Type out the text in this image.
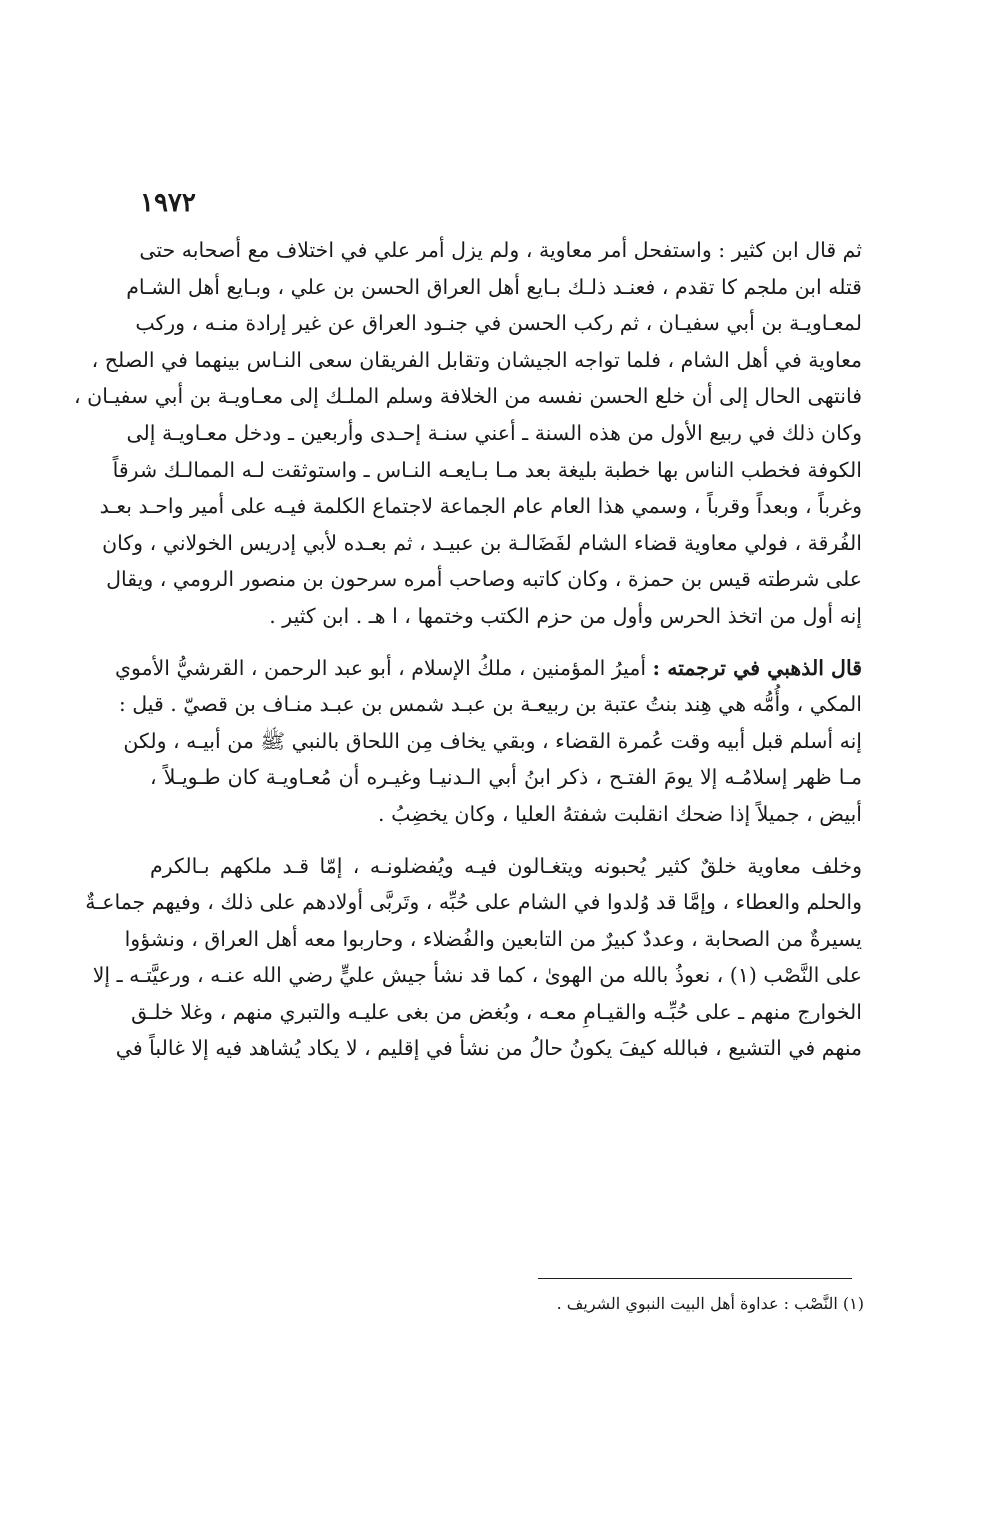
١٩٧٢

ثم قال ابن كثير : واستفحل أمر معاوية ، ولم يزل أمر علي في اختلاف مع أصحابه حتى
قتله ابن ملجم كا تقدم ، فعنـد ذلـك بـايع أهل العراق الحسن بن علي ، وبـايع أهل الشـام
لمعـاويـة بن أبي سفيـان ، ثم ركب الحسن في جنـود العراق عن غير إرادة منـه ، وركب
معاوية في أهل الشام ، فلما تواجه الجيشان وتقابل الفريقان سعى النـاس بينهما في الصلح ،
فانتهى الحال إلى أن خلع الحسن نفسه من الخلافة وسلم الملـك إلى معـاويـة بن أبي سفيـان ،
وكان ذلك في ربيع الأول من هذه السنة ـ أعني سنـة إحـدى وأربعين ـ ودخل معـاويـة إلى
الكوفة فخطب الناس بها خطبة بليغة بعد مـا بـايعـه النـاس ـ واستوثقت لـه الممالـك شرقاً
وغرباً ، وبعداً وقرباً ، وسمي هذا العام عام الجماعة لاجتماع الكلمة فيـه على أمير واحـد بعـد
الفُرقة ، فولي معاوية قضاء الشام لفَضَالـة بن عبيـد ، ثم بعـده لأبي إدريس الخولاني ، وكان
على شرطته قيس بن حمزة ، وكان كاتبه وصاحب أمره سرحون بن منصور الرومي ، ويقال
إنه أول من اتخذ الحرس وأول من حزم الكتب وختمها ، ا هـ . ابن كثير .

قال الذهبي في ترجمته : أميرُ المؤمنين ، ملكُ الإسلام ، أبو عبد الرحمن ، القرشيُّ الأموي
المكي ، وأُمُّه هي هِند بنتُ عتبة بن ربيعـة بن عبـد شمس بن عبـد منـاف بن قصيّ . قيل :
إنه أسلم قبل أبيه وقت عُمرة القضاء ، وبقي يخاف مِن اللحاق بالنبي ﷺ من أبيـه ، ولكن
مـا ظهر إسلامُـه إلا يومَ الفتـح ، ذكر ابنُ أبي الـدنيـا وغيـره أن مُعـاويـة كان طـويـلاً ،
أبيض ، جميلاً إذا ضحك انقلبت شفتهُ العليا ، وكان يخضِبُ .

وخلف معاوية خلقٌ كثير يُحبونه ويتغـالون فيـه ويُفضلونـه ، إمّا قـد ملكهم بـالكرم
والحلم والعطاء ، وإمَّا قد وُلدوا في الشام على حُبِّه ، وتَربَّى أولادهم على ذلك ، وفيهم جماعـةٌ
يسيرةٌ من الصحابة ، وعددٌ كبيرٌ من التابعين والفُضلاء ، وحاربوا معه أهل العراق ، ونشؤوا
على النَّصْب (١) ، نعوذُ بالله من الهوىٰ ، كما قد نشأ جيش عليٍّ رضي الله عنـه ، ورعيَّتـه ـ إلا
الخوارج منهم ـ على حُبِّـه والقيـامِ معـه ، وبُغض من بغى عليـه والتبري منهم ، وغلا خلـق
منهم في التشيع ، فبالله كيفَ يكونُ حالُ من نشأ في إقليم ، لا يكاد يُشاهد فيه إلا غالباً في

(١) النَّصْب : عداوة أهل البيت النبوي الشريف .
